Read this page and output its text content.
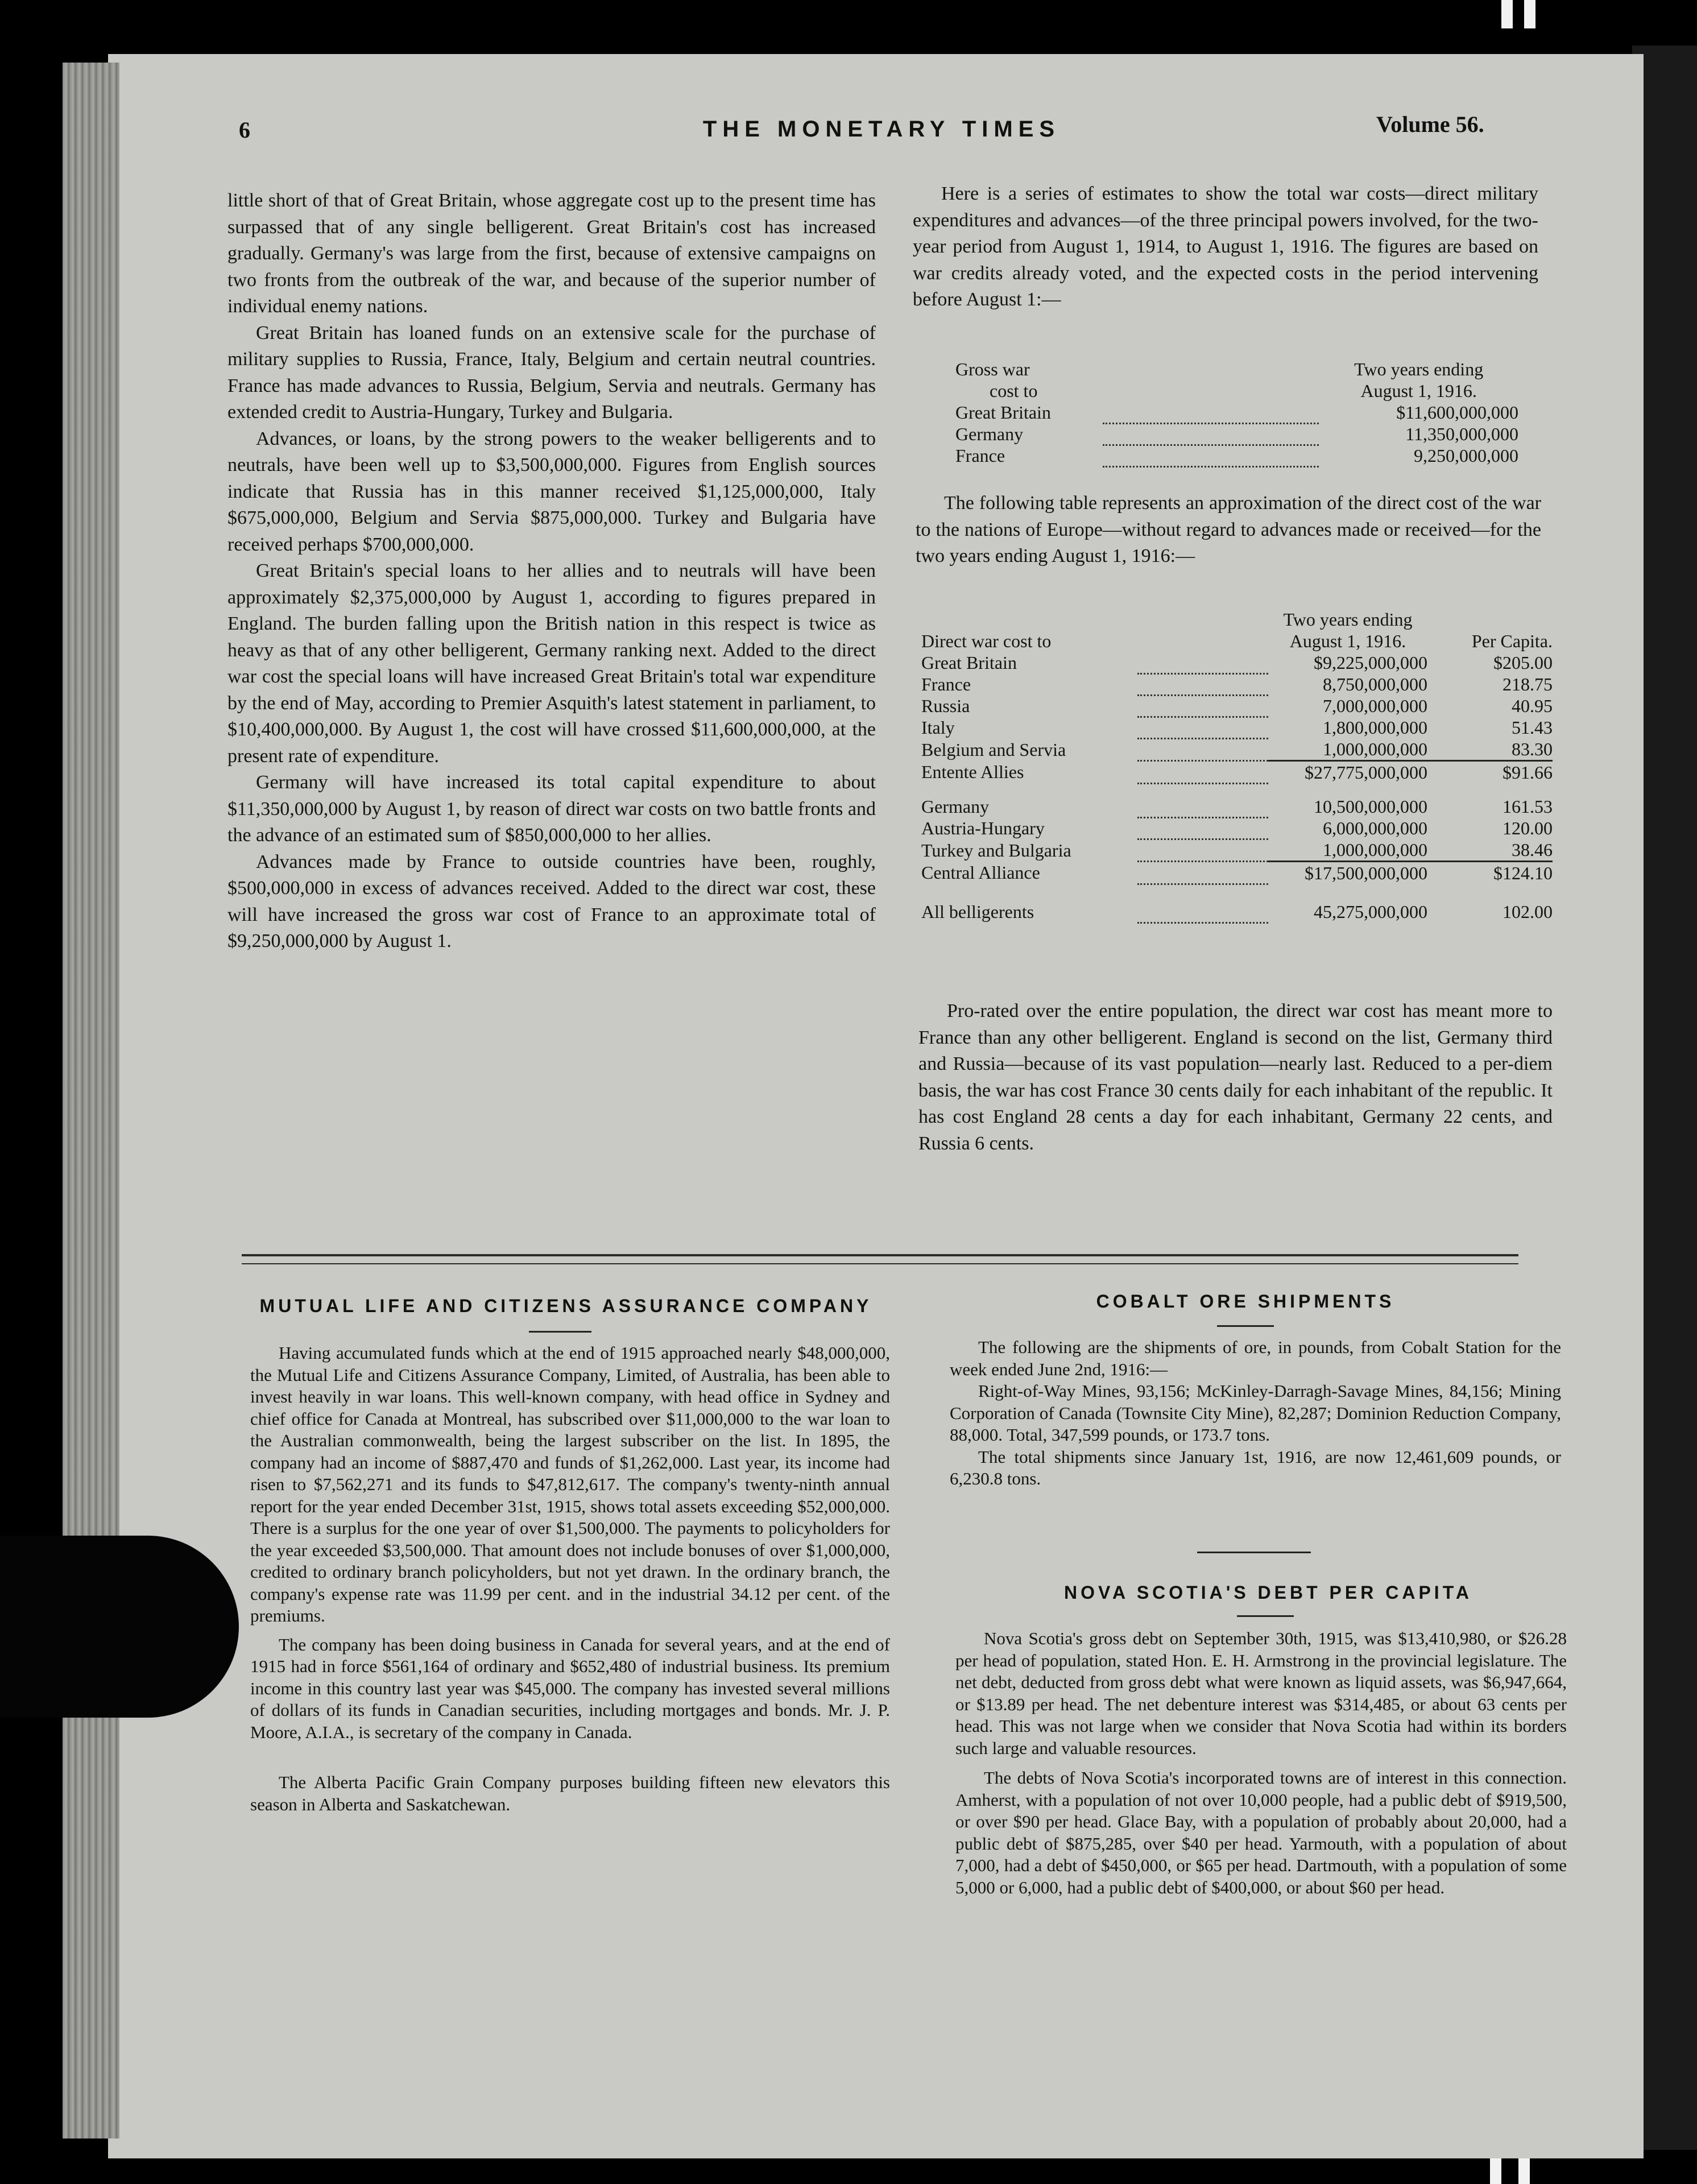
6	THE MONETARY TIMES	Volume 56.

little short of that of Great Britain, whose aggregate cost up to the present time has surpassed that of any single belligerent. Great Britain's cost has increased gradually. Germany's was large from the first, because of extensive campaigns on two fronts from the outbreak of the war, and because of the superior number of individual enemy nations.

Great Britain has loaned funds on an extensive scale for the purchase of military supplies to Russia, France, Italy, Belgium and certain neutral countries. France has made advances to Russia, Belgium, Servia and neutrals. Germany has extended credit to Austria-Hungary, Turkey and Bulgaria.

Advances, or loans, by the strong powers to the weaker belligerents and to neutrals, have been well up to $3,500,000,000. Figures from English sources indicate that Russia has in this manner received $1,125,000,000, Italy $675,000,000, Belgium and Servia $875,000,000. Turkey and Bulgaria have received perhaps $700,000,000.

Great Britain's special loans to her allies and to neutrals will have been approximately $2,375,000,000 by August 1, according to figures prepared in England. The burden falling upon the British nation in this respect is twice as heavy as that of any other belligerent, Germany ranking next. Added to the direct war cost the special loans will have increased Great Britain's total war expenditure by the end of May, according to Premier Asquith's latest statement in parliament, to $10,400,000,000. By August 1, the cost will have crossed $11,600,000,000, at the present rate of expenditure.

Germany will have increased its total capital expenditure to about $11,350,000,000 by August 1, by reason of direct war costs on two battle fronts and the advance of an estimated sum of $850,000,000 to her allies.

Advances made by France to outside countries have been, roughly, $500,000,000 in excess of advances received. Added to the direct war cost, these will have increased the gross war cost of France to an approximate total of $9,250,000,000 by August 1.

Here is a series of estimates to show the total war costs—direct military expenditures and advances—of the three principal powers involved, for the two-year period from August 1, 1914, to August 1, 1916. The figures are based on war credits already voted, and the expected costs in the period intervening before August 1:—

Gross war		Two years ending
cost to		August 1, 1916.
Great Britain		$11,600,000,000
Germany		11,350,000,000
France		9,250,000,000

The following table represents an approximation of the direct cost of the war to the nations of Europe—without regard to advances made or received—for the two years ending August 1, 1916:—

		Two years ending	
Direct war cost to		August 1, 1916.	Per Capita.
Great Britain		$9,225,000,000	$205.00
France		8,750,000,000	218.75
Russia		7,000,000,000	40.95
Italy		1,800,000,000	51.43
Belgium and Servia		1,000,000,000	83.30
Entente Allies		$27,775,000,000	$91.66

Germany		10,500,000,000	161.53
Austria-Hungary		6,000,000,000	120.00
Turkey and Bulgaria		1,000,000,000	38.46
Central Alliance		$17,500,000,000	$124.10

All belligerents		45,275,000,000	102.00

Pro-rated over the entire population, the direct war cost has meant more to France than any other belligerent. England is second on the list, Germany third and Russia—because of its vast population—nearly last. Reduced to a per-diem basis, the war has cost France 30 cents daily for each inhabitant of the republic. It has cost England 28 cents a day for each inhabitant, Germany 22 cents, and Russia 6 cents.

MUTUAL LIFE AND CITIZENS ASSURANCE COMPANY

Having accumulated funds which at the end of 1915 approached nearly $48,000,000, the Mutual Life and Citizens Assurance Company, Limited, of Australia, has been able to invest heavily in war loans. This well-known company, with head office in Sydney and chief office for Canada at Montreal, has subscribed over $11,000,000 to the war loan to the Australian commonwealth, being the largest subscriber on the list. In 1895, the company had an income of $887,470 and funds of $1,262,000. Last year, its income had risen to $7,562,271 and its funds to $47,812,617. The company's twenty-ninth annual report for the year ended December 31st, 1915, shows total assets exceeding $52,000,000. There is a surplus for the one year of over $1,500,000. The payments to policyholders for the year exceeded $3,500,000. That amount does not include bonuses of over $1,000,000, credited to ordinary branch policyholders, but not yet drawn. In the ordinary branch, the company's expense rate was 11.99 per cent. and in the industrial 34.12 per cent. of the premiums.

The company has been doing business in Canada for several years, and at the end of 1915 had in force $561,164 of ordinary and $652,480 of industrial business. Its premium income in this country last year was $45,000. The company has invested several millions of dollars of its funds in Canadian securities, including mortgages and bonds. Mr. J. P. Moore, A.I.A., is secretary of the company in Canada.

The Alberta Pacific Grain Company purposes building fifteen new elevators this season in Alberta and Saskatchewan.

COBALT ORE SHIPMENTS

The following are the shipments of ore, in pounds, from Cobalt Station for the week ended June 2nd, 1916:—

Right-of-Way Mines, 93,156; McKinley-Darragh-Savage Mines, 84,156; Mining Corporation of Canada (Townsite City Mine), 82,287; Dominion Reduction Company, 88,000. Total, 347,599 pounds, or 173.7 tons.

The total shipments since January 1st, 1916, are now 12,461,609 pounds, or 6,230.8 tons.

NOVA SCOTIA'S DEBT PER CAPITA

Nova Scotia's gross debt on September 30th, 1915, was $13,410,980, or $26.28 per head of population, stated Hon. E. H. Armstrong in the provincial legislature. The net debt, deducted from gross debt what were known as liquid assets, was $6,947,664, or $13.89 per head. The net debenture interest was $314,485, or about 63 cents per head. This was not large when we consider that Nova Scotia had within its borders such large and valuable resources.

The debts of Nova Scotia's incorporated towns are of interest in this connection. Amherst, with a population of not over 10,000 people, had a public debt of $919,500, or over $90 per head. Glace Bay, with a population of probably about 20,000, had a public debt of $875,285, over $40 per head. Yarmouth, with a population of about 7,000, had a debt of $450,000, or $65 per head. Dartmouth, with a population of some 5,000 or 6,000, had a public debt of $400,000, or about $60 per head.
